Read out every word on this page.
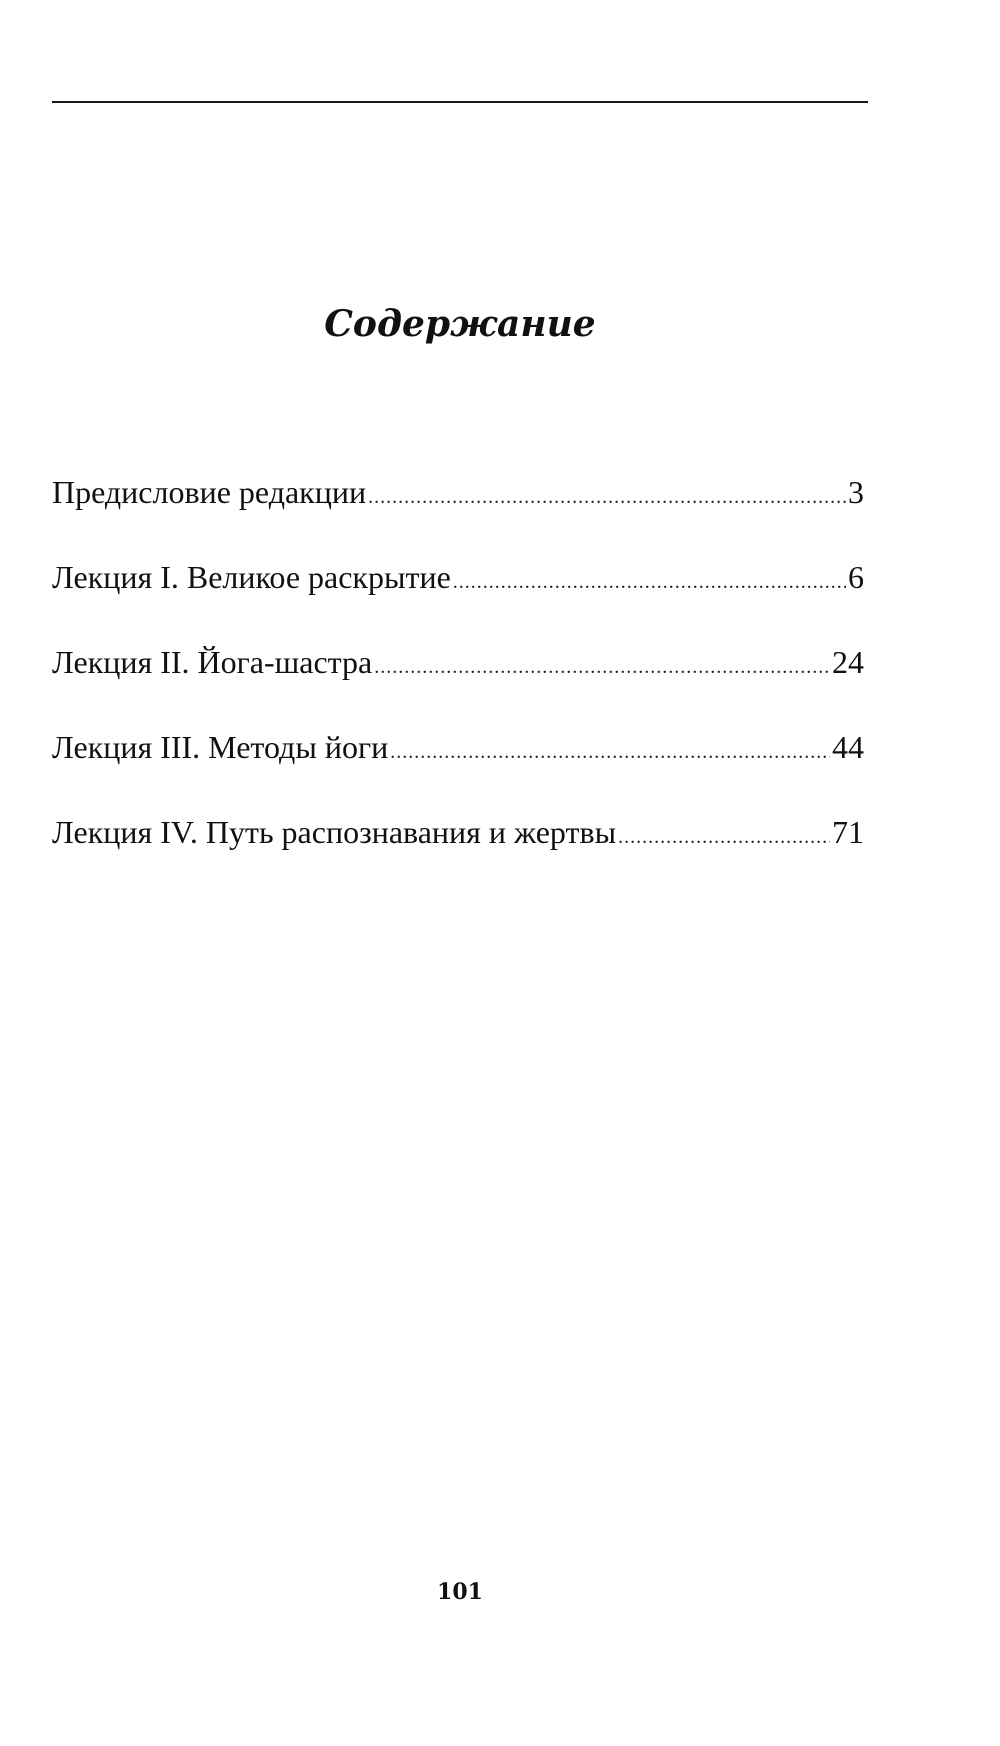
Содержание
Предисловие редакции .....	3
Лекция I. Великое раскрытие .....	6
Лекция II. Йога-шастра .....	24
Лекция III. Методы йоги .....	44
Лекция IV. Путь распознавания и жертвы .....	71
101
